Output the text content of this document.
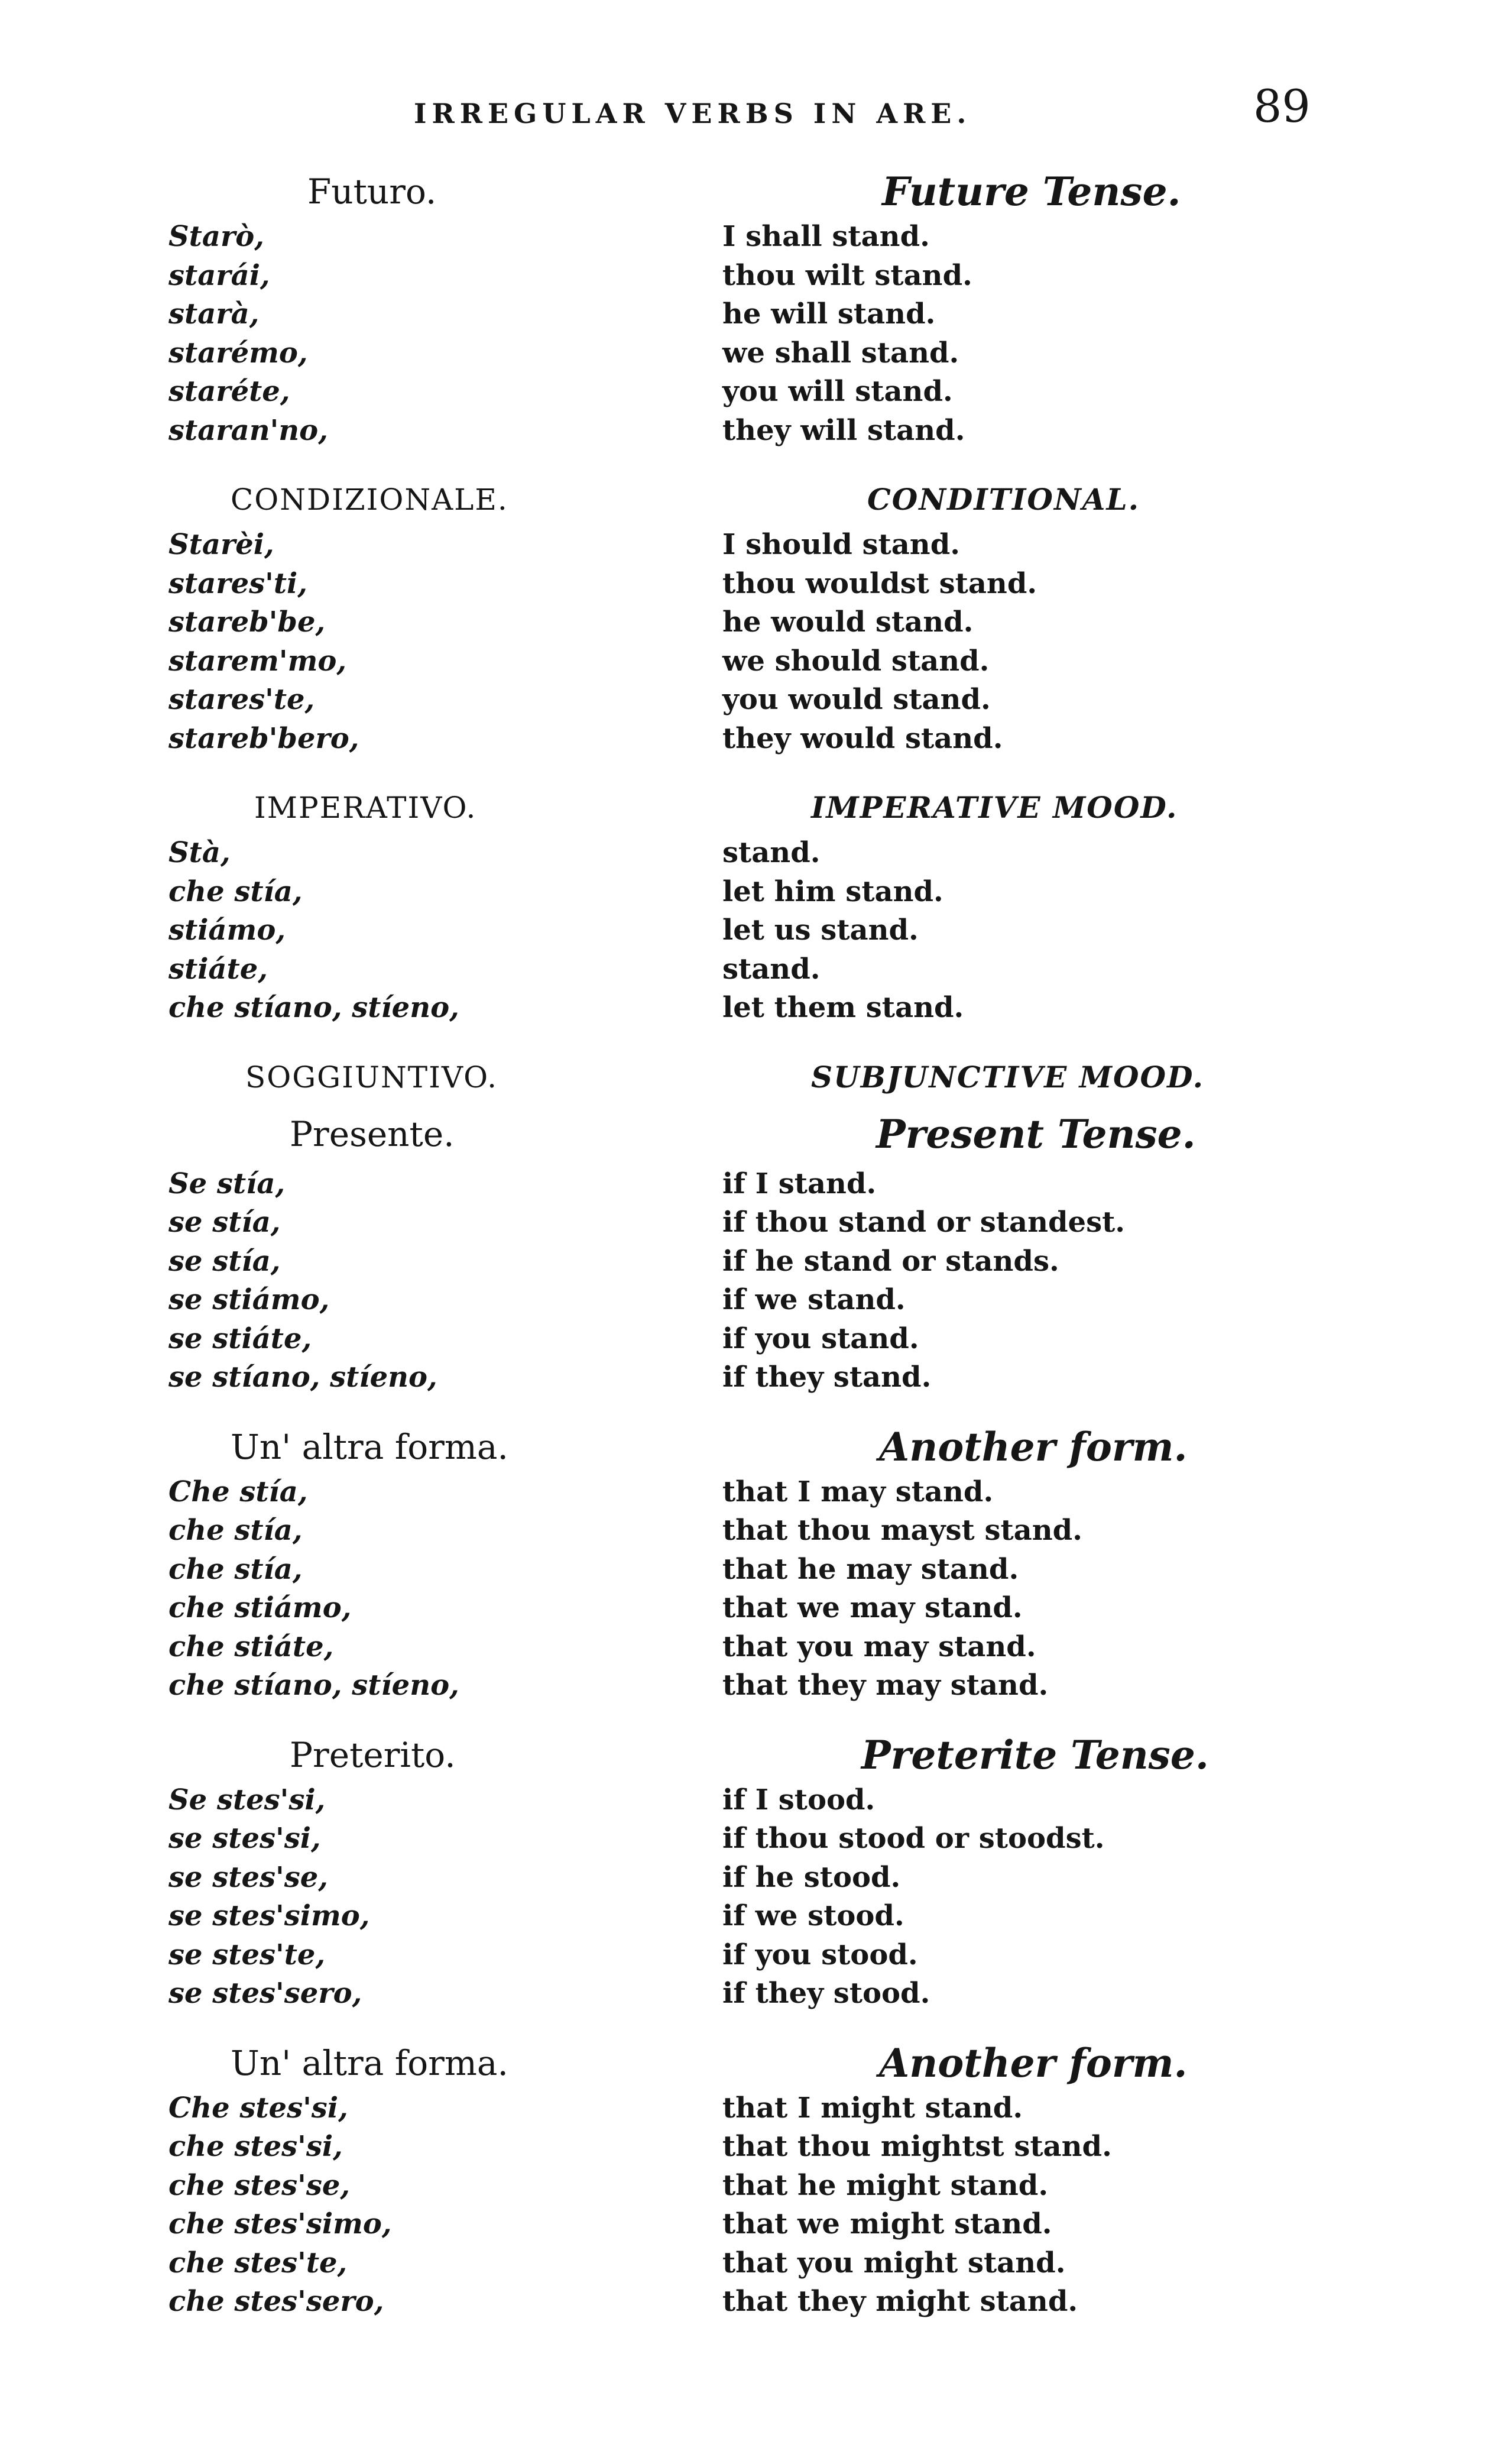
IRREGULAR VERBS IN ARE.	89
Futuro.
Starò,
starái,
starà,
starémo,
staréte,
staran'no,
CONDIZIONALE.
Starèi,
stares'ti,
stareb'be,
starem'mo,
stares'te,
stareb'bero,
IMPERATIVO.
Stà,
che stía,
stiámo,
stiáte,
che stíano, stíeno,
SOGGIUNTIVO.
Presente.
Se stía,
se stía,
se stía,
se stiámo,
se stiáte,
se stíano, stíeno,
Un' altra forma.
Che stía,
che stía,
che stía,
che stiámo,
che stiáte,
che stíano, stíeno,
Preterito.
Se stes'si,
se stes'si,
se stes'se,
se stes'simo,
se stes'te,
se stes'sero,
Un' altra forma.
Che stes'si,
che stes'si,
che stes'se,
che stes'simo,
che stes'te,
che stes'sero,
Future Tense.
I shall stand.
thou wilt stand.
he will stand.
we shall stand.
you will stand.
they will stand.
CONDITIONAL.
I should stand.
thou wouldst stand.
he would stand.
we should stand.
you would stand.
they would stand.
IMPERATIVE MOOD.
stand.
let him stand.
let us stand.
stand.
let them stand.
SUBJUNCTIVE MOOD.
Present Tense.
if I stand.
if thou stand or standest.
if he stand or stands.
if we stand.
if you stand.
if they stand.
Another form.
that I may stand.
that thou mayst stand.
that he may stand.
that we may stand.
that you may stand.
that they may stand.
Preterite Tense.
if I stood.
if thou stood or stoodst.
if he stood.
if we stood.
if you stood.
if they stood.
Another form.
that I might stand.
that thou mightst stand.
that he might stand.
that we might stand.
that you might stand.
that they might stand.
